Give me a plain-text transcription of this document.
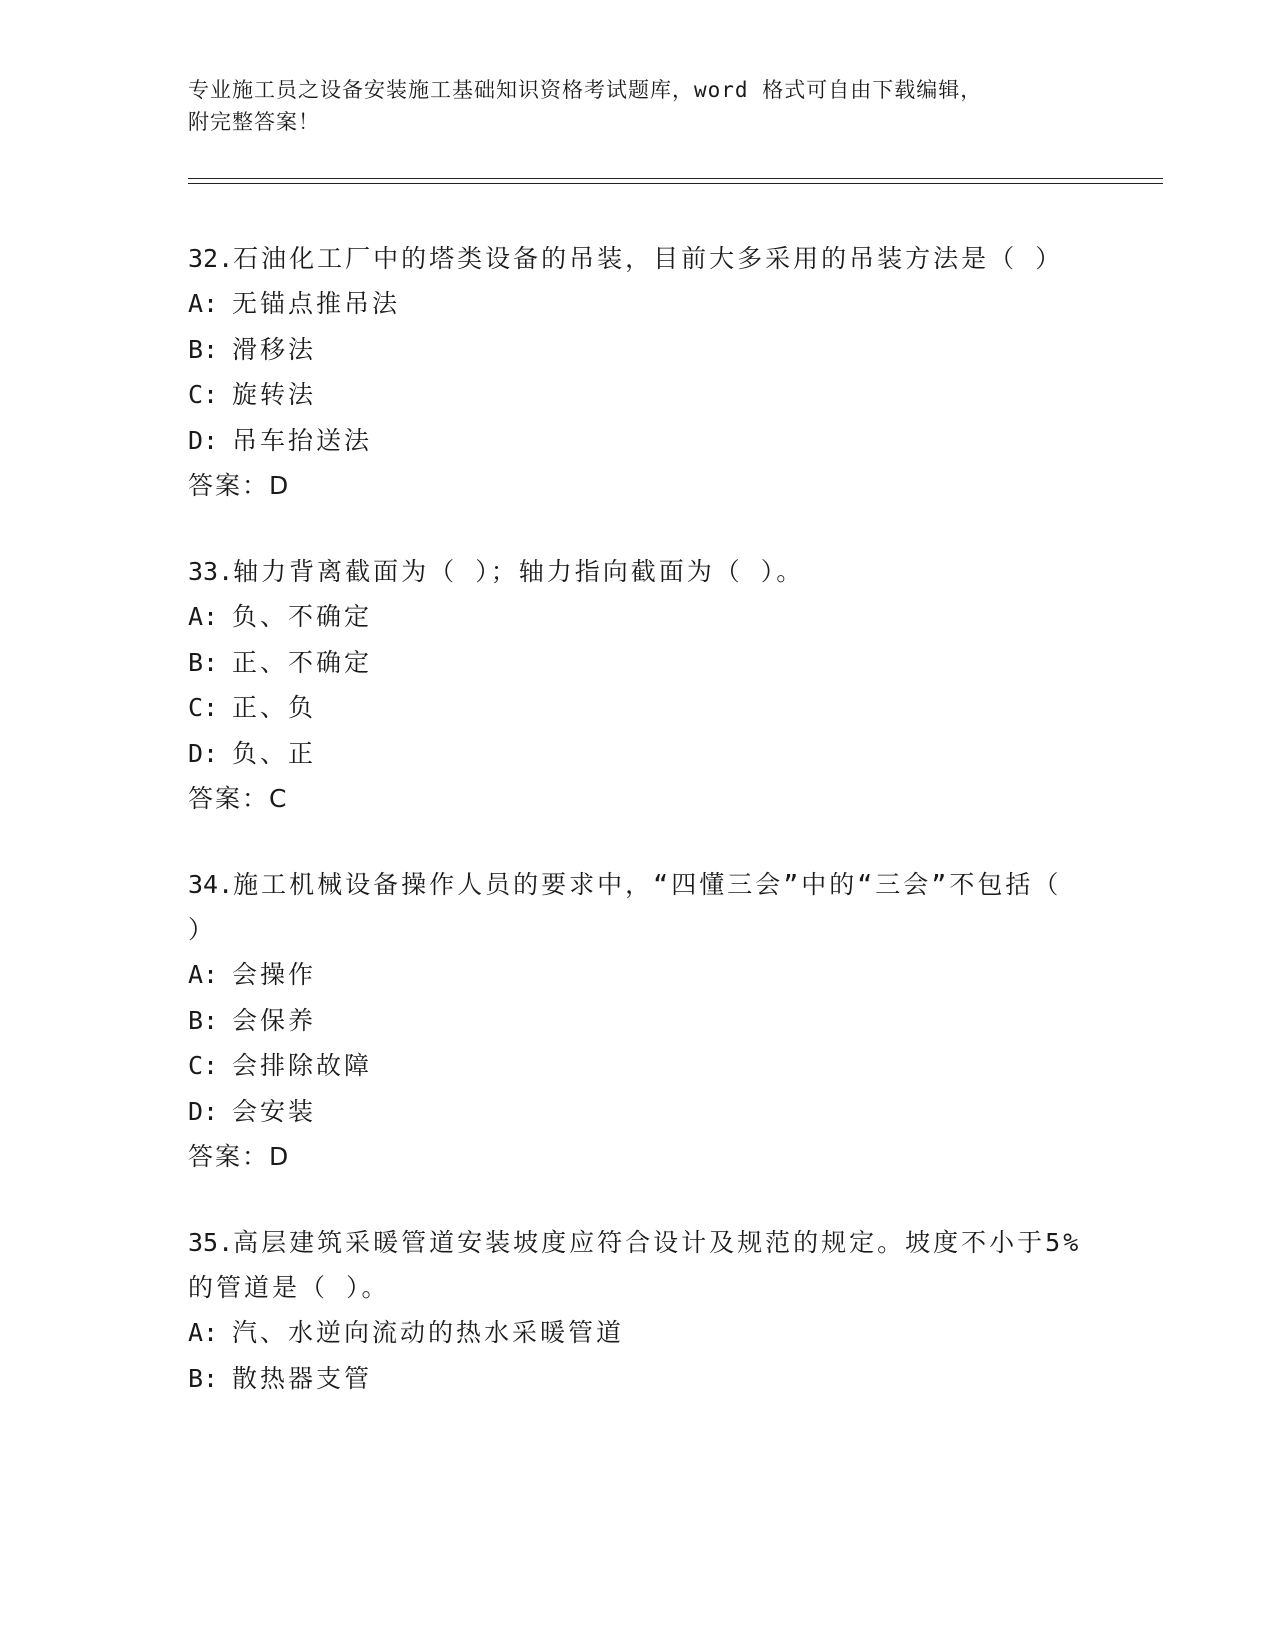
专业施工员之设备安装施工基础知识资格考试题库，word 格式可自由下载编辑，
附完整答案！
32.石油化工厂中的塔类设备的吊装，目前大多采用的吊装方法是（ ）
A: 无锚点推吊法
B: 滑移法
C: 旋转法
D: 吊车抬送法
答案：D
33.轴力背离截面为（ ）；轴力指向截面为（ ）。
A: 负、不确定
B: 正、不确定
C: 正、负
D: 负、正
答案：C
34.施工机械设备操作人员的要求中，“四懂三会”中的“三会”不包括（ ）
A: 会操作
B: 会保养
C: 会排除故障
D: 会安装
答案：D
35.高层建筑采暖管道安装坡度应符合设计及规范的规定。坡度不小于5%的管道是（ ）。
A: 汽、水逆向流动的热水采暖管道
B: 散热器支管
